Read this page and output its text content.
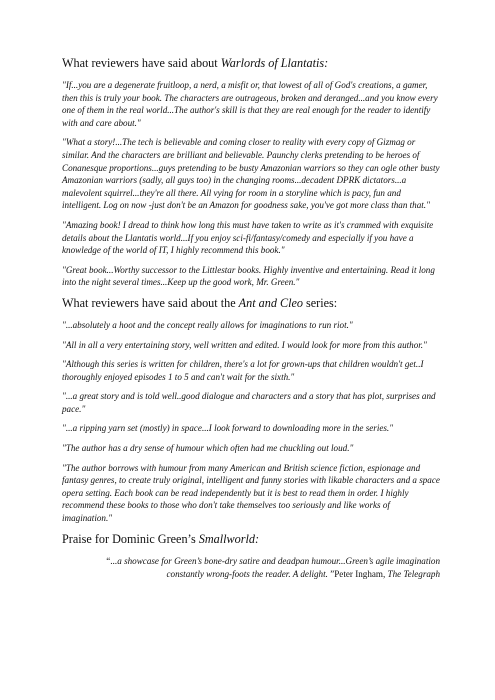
What reviewers have said about Warlords of Llantatis:

"If...you are a degenerate fruitloop, a nerd, a misfit or, that lowest of all of God's creations, a gamer, then this is truly your book. The characters are outrageous, broken and deranged...and you know every one of them in the real world...The author's skill is that they are real enough for the reader to identify with and care about."

"What a story!...The tech is believable and coming closer to reality with every copy of Gizmag or similar. And the characters are brilliant and believable. Paunchy clerks pretending to be heroes of Conanesque proportions...guys pretending to be busty Amazonian warriors so they can ogle other busty Amazonian warriors (sadly, all guys too) in the changing rooms...decadent DPRK dictators...a malevolent squirrel...they're all there. All vying for room in a storyline which is pacy, fun and intelligent. Log on now -just don't be an Amazon for goodness sake, you've got more class than that."

"Amazing book! I dread to think how long this must have taken to write as it's crammed with exquisite details about the Llantatis world...If you enjoy sci-fi/fantasy/comedy and especially if you have a knowledge of the world of IT, I highly recommend this book."

"Great book...Worthy successor to the Littlestar books. Highly inventive and entertaining. Read it long into the night several times...Keep up the good work, Mr. Green."

What reviewers have said about the Ant and Cleo series:

"...absolutely a hoot and the concept really allows for imaginations to run riot."

"All in all a very entertaining story, well written and edited. I would look for more from this author."

"Although this series is written for children, there's a lot for grown-ups that children wouldn't get..I thoroughly enjoyed episodes 1 to 5 and can't wait for the sixth."

"...a great story and is told well..good dialogue and characters and a story that has plot, surprises and pace."

"...a ripping yarn set (mostly) in space...I look forward to downloading more in the series."

"The author has a dry sense of humour which often had me chuckling out loud."

"The author borrows with humour from many American and British science fiction, espionage and fantasy genres, to create truly original, intelligent and funny stories with likable characters and a space opera setting. Each book can be read independently but it is best to read them in order. I highly recommend these books to those who don't take themselves too seriously and like works of imagination."

Praise for Dominic Green’s Smallworld:

“...a showcase for Green’s bone-dry satire and deadpan humour...Green’s agile imagination constantly wrong-foots the reader. A delight. ”Peter Ingham, The Telegraph
